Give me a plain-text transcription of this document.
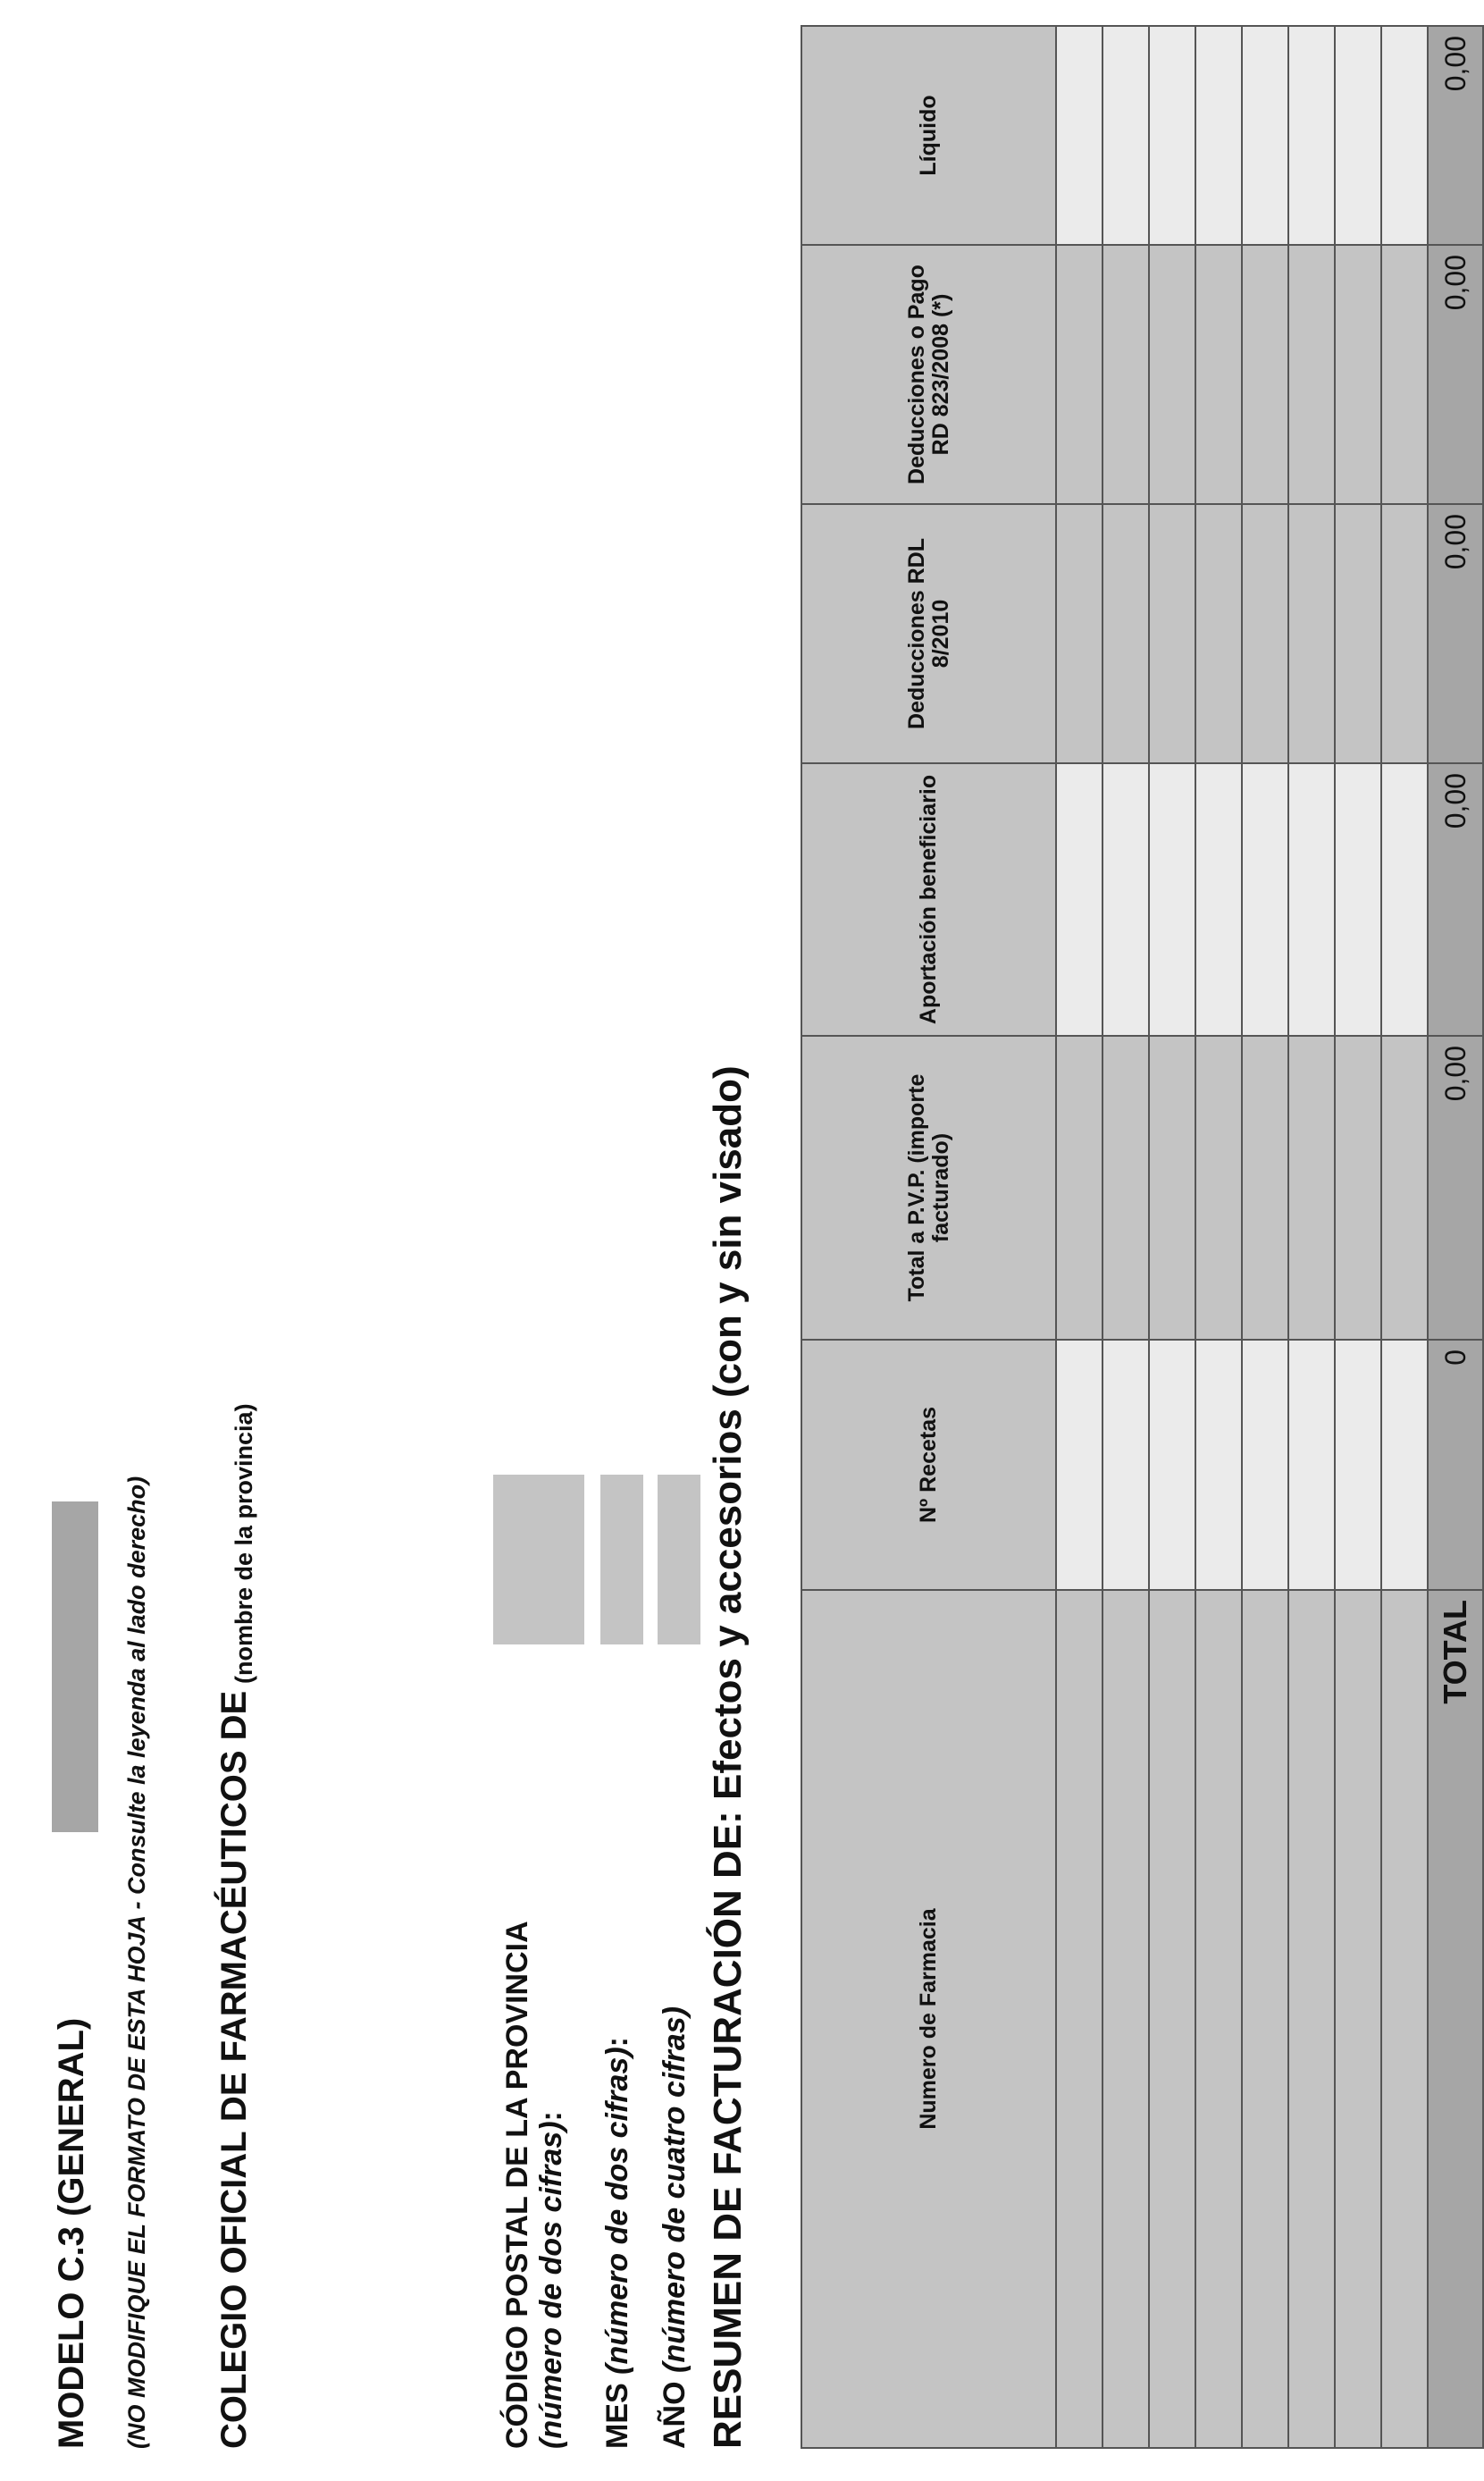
MODELO C.3 (GENERAL) (NO MODIFIQUE EL FORMATO DE ESTA HOJA - Consulte la leyenda al lado derecho) COLEGIO OFICIAL DE FARMACÉUTICOS DE
(nombre de la provincia)
CÓDIGO POSTAL DE LA PROVINCIA (número de dos cifras):
MES (número de dos cifras):
AÑO (número de cuatro cifras) RESUMEN DE FACTURACIÓN DE: Efectos y accesorios (con y sin visado)	Numero de Farmacia	Nº Recetas	Total a P.V.P. (importe facturado)	Aportación beneficiario	Deducciones RDL 8/2010	Deducciones o Pago RD 823/2008 (*)	Líquido

TOTAL	0	0,00	0,00	0,00	0,00	0,00
